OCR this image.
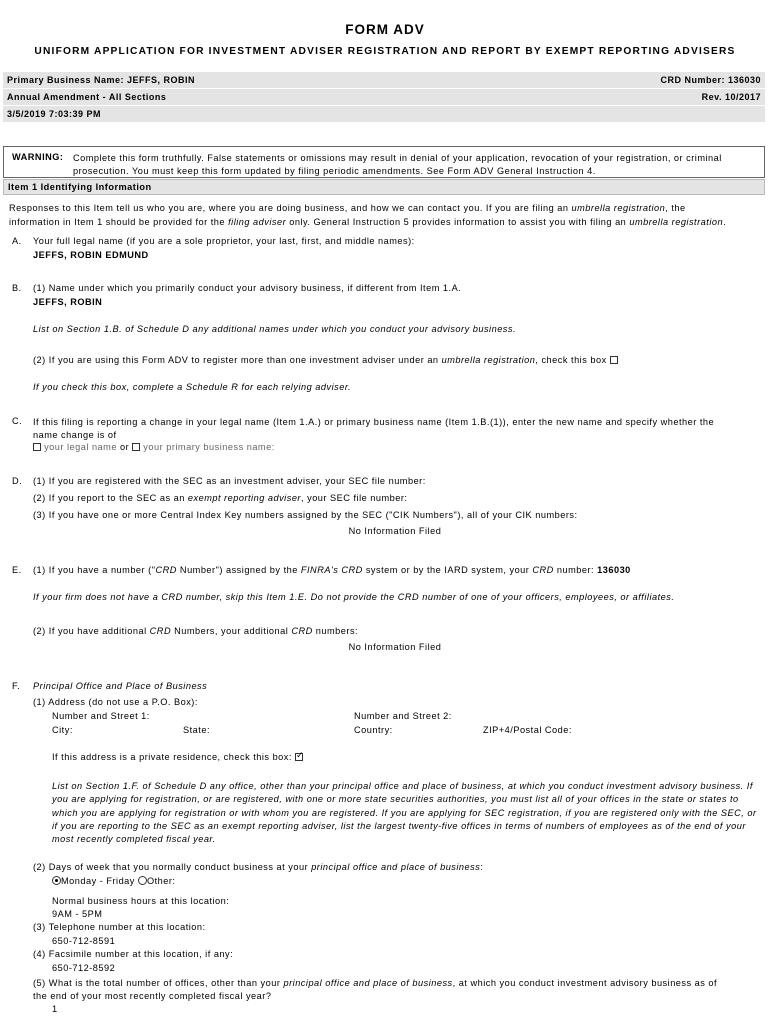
FORM ADV
UNIFORM APPLICATION FOR INVESTMENT ADVISER REGISTRATION AND REPORT BY EXEMPT REPORTING ADVISERS
Primary Business Name: JEFFS, ROBIN	CRD Number: 136030
Annual Amendment - All Sections	Rev. 10/2017
3/5/2019 7:03:39 PM
WARNING: Complete this form truthfully. False statements or omissions may result in denial of your application, revocation of your registration, or criminal
prosecution. You must keep this form updated by filing periodic amendments. See Form ADV General Instruction 4.
Item 1 Identifying Information
Responses to this Item tell us who you are, where you are doing business, and how we can contact you. If you are filing an umbrella registration, the
information in Item 1 should be provided for the filing adviser only. General Instruction 5 provides information to assist you with filing an umbrella registration.
A. Your full legal name (if you are a sole proprietor, your last, first, and middle names):
JEFFS, ROBIN EDMUND
B. (1) Name under which you primarily conduct your advisory business, if different from Item 1.A.
JEFFS, ROBIN
List on Section 1.B. of Schedule D any additional names under which you conduct your advisory business.
(2) If you are using this Form ADV to register more than one investment adviser under an umbrella registration, check this box
If you check this box, complete a Schedule R for each relying adviser.
C. If this filing is reporting a change in your legal name (Item 1.A.) or primary business name (Item 1.B.(1)), enter the new name and specify whether the
name change is of
your legal name or your primary business name:
D. (1) If you are registered with the SEC as an investment adviser, your SEC file number:
(2) If you report to the SEC as an exempt reporting adviser, your SEC file number:
(3) If you have one or more Central Index Key numbers assigned by the SEC ("CIK Numbers"), all of your CIK numbers:
No Information Filed
E. (1) If you have a number ("CRD Number") assigned by the FINRA's CRD system or by the IARD system, your CRD number: 136030
If your firm does not have a CRD number, skip this Item 1.E. Do not provide the CRD number of one of your officers, employees, or affiliates.
(2) If you have additional CRD Numbers, your additional CRD numbers:
No Information Filed
F. Principal Office and Place of Business
(1) Address (do not use a P.O. Box):
Number and Street 1:	Number and Street 2:
City:	State:	Country:	ZIP+4/Postal Code:
If this address is a private residence, check this box: ✓
List on Section 1.F. of Schedule D any office, other than your principal office and place of business, at which you conduct investment advisory business. If
you are applying for registration, or are registered, with one or more state securities authorities, you must list all of your offices in the state or states to
which you are applying for registration or with whom you are registered. If you are applying for SEC registration, if you are registered only with the SEC, or
if you are reporting to the SEC as an exempt reporting adviser, list the largest twenty-five offices in terms of numbers of employees as of the end of your
most recently completed fiscal year.
(2) Days of week that you normally conduct business at your principal office and place of business:
Monday - Friday Other:
Normal business hours at this location:
9AM - 5PM
(3) Telephone number at this location:
650-712-8591
(4) Facsimile number at this location, if any:
650-712-8592
(5) What is the total number of offices, other than your principal office and place of business, at which you conduct investment advisory business as of
the end of your most recently completed fiscal year?
1
